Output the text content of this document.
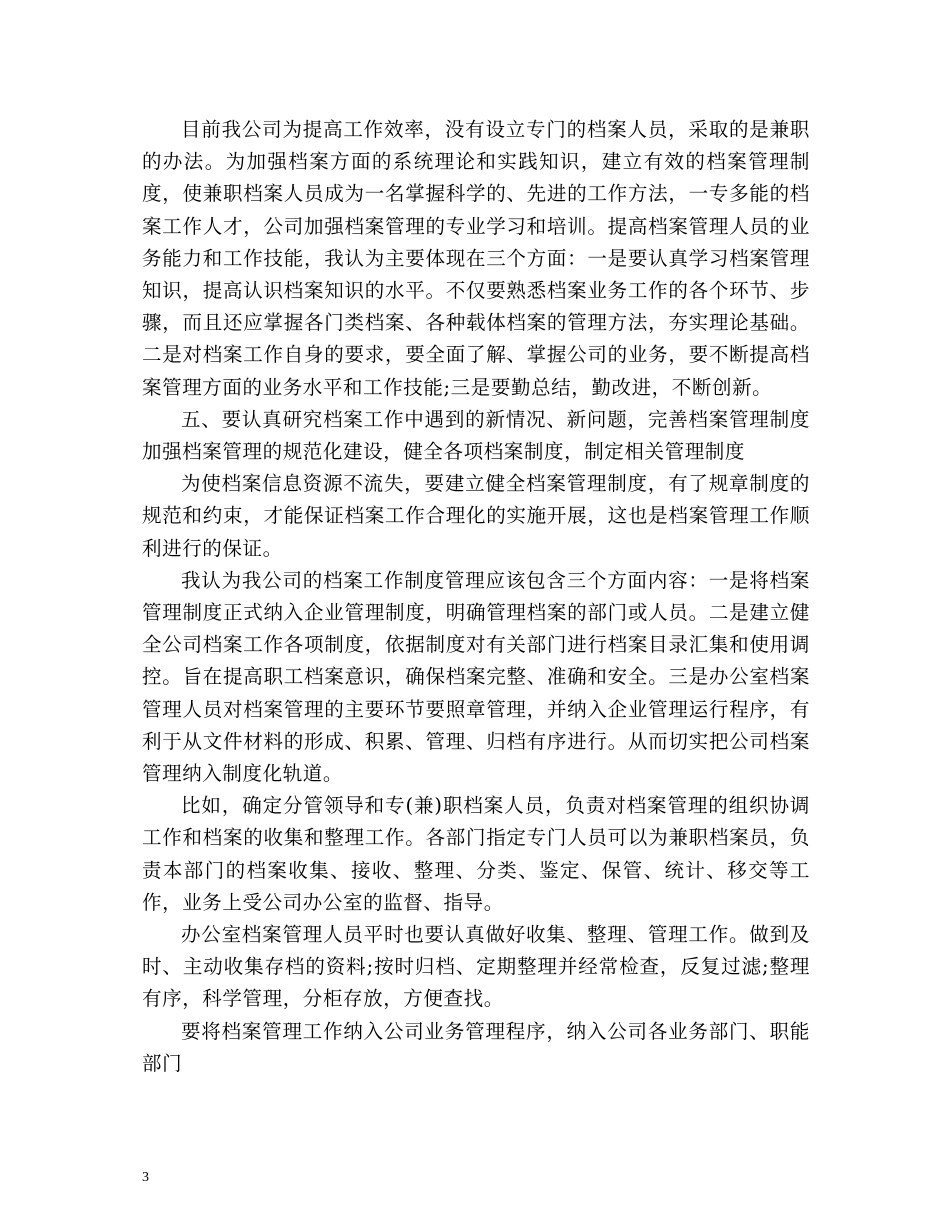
目前我公司为提高工作效率，没有设立专门的档案人员，采取的是兼职的办法。为加强档案方面的系统理论和实践知识，建立有效的档案管理制度，使兼职档案人员成为一名掌握科学的、先进的工作方法，一专多能的档案工作人才，公司加强档案管理的专业学习和培训。提高档案管理人员的业务能力和工作技能，我认为主要体现在三个方面：一是要认真学习档案管理知识，提高认识档案知识的水平。不仅要熟悉档案业务工作的各个环节、步骤，而且还应掌握各门类档案、各种载体档案的管理方法，夯实理论基础。二是对档案工作自身的要求，要全面了解、掌握公司的业务，要不断提高档案管理方面的业务水平和工作技能;三是要勤总结，勤改进，不断创新。

五、要认真研究档案工作中遇到的新情况、新问题，完善档案管理制度加强档案管理的规范化建设，健全各项档案制度，制定相关管理制度

为使档案信息资源不流失，要建立健全档案管理制度，有了规章制度的规范和约束，才能保证档案工作合理化的实施开展，这也是档案管理工作顺利进行的保证。

我认为我公司的档案工作制度管理应该包含三个方面内容：一是将档案管理制度正式纳入企业管理制度，明确管理档案的部门或人员。二是建立健全公司档案工作各项制度，依据制度对有关部门进行档案目录汇集和使用调控。旨在提高职工档案意识，确保档案完整、准确和安全。三是办公室档案管理人员对档案管理的主要环节要照章管理，并纳入企业管理运行程序，有利于从文件材料的形成、积累、管理、归档有序进行。从而切实把公司档案管理纳入制度化轨道。

比如，确定分管领导和专(兼)职档案人员，负责对档案管理的组织协调工作和档案的收集和整理工作。各部门指定专门人员可以为兼职档案员，负责本部门的档案收集、接收、整理、分类、鉴定、保管、统计、移交等工作，业务上受公司办公室的监督、指导。

办公室档案管理人员平时也要认真做好收集、整理、管理工作。做到及时、主动收集存档的资料;按时归档、定期整理并经常检查，反复过滤;整理有序，科学管理，分柜存放，方便查找。

要将档案管理工作纳入公司业务管理程序，纳入公司各业务部门、职能部门

3
